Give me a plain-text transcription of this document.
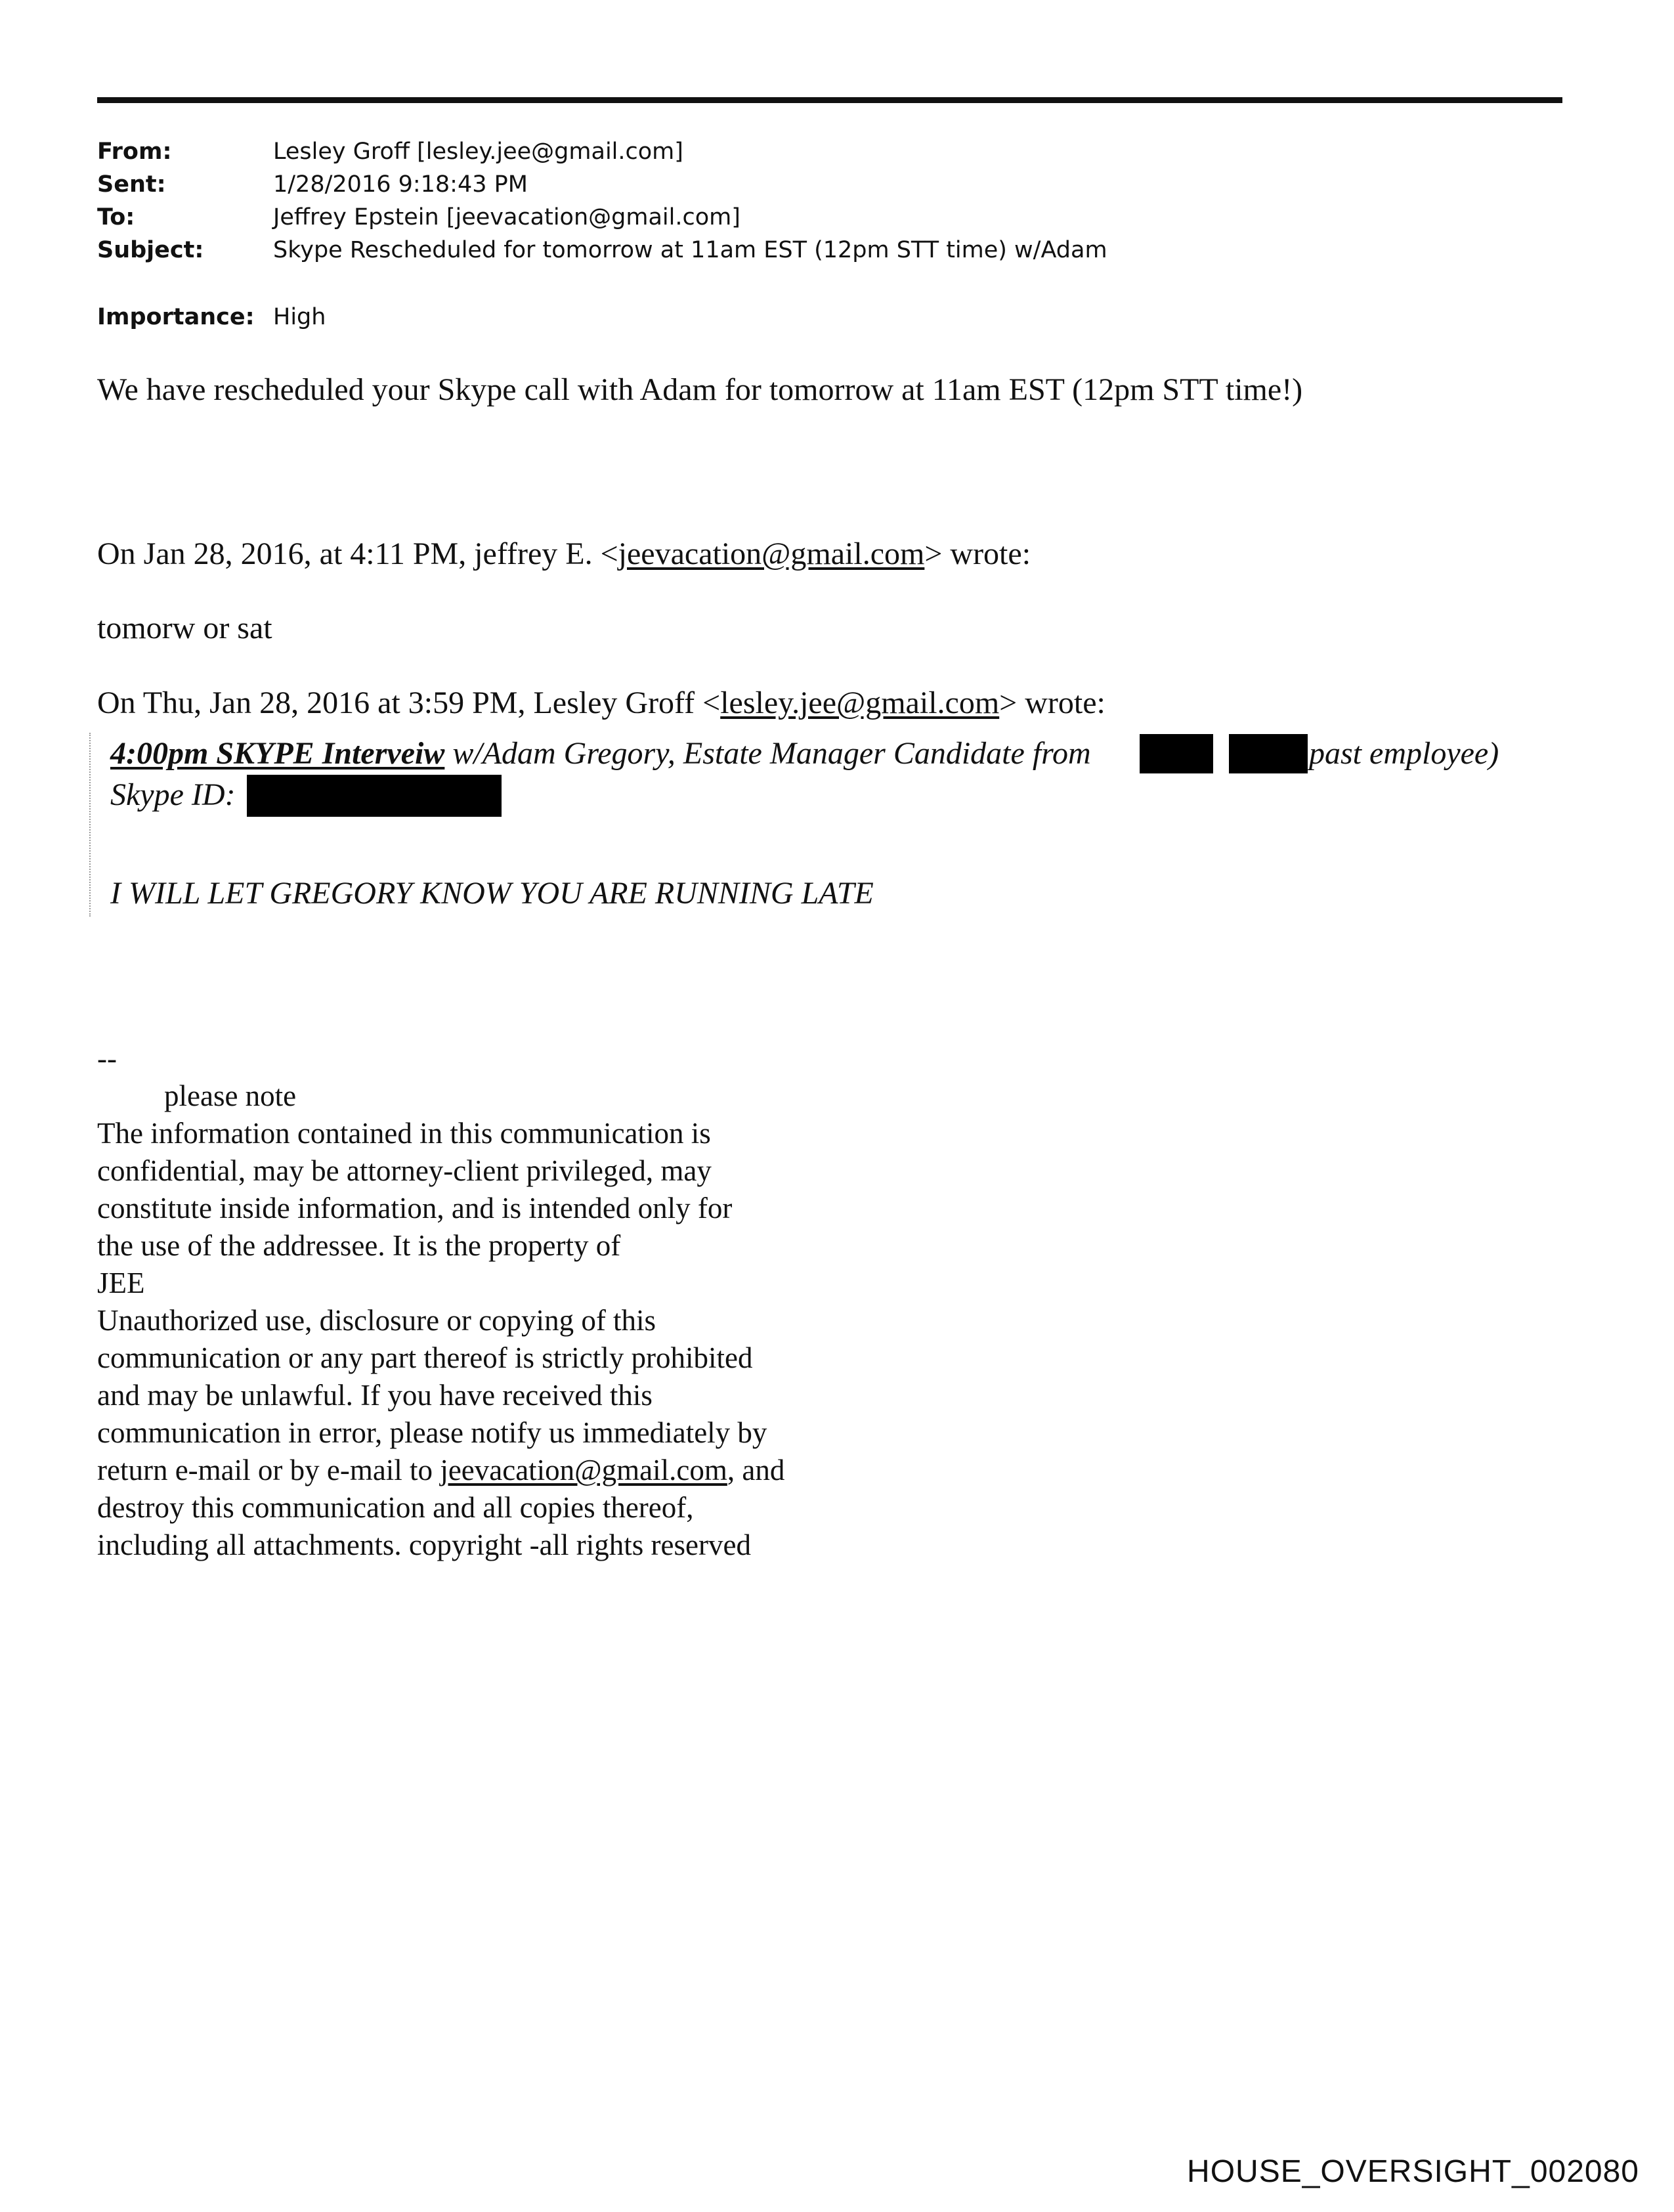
From:	Lesley Groff [lesley.jee@gmail.com]
Sent:	1/28/2016 9:18:43 PM
To:	Jeffrey Epstein [jeevacation@gmail.com]
Subject:	Skype Rescheduled for tomorrow at 11am EST (12pm STT time) w/Adam
Importance: High
We have rescheduled your Skype call with Adam for tomorrow at 11am EST (12pm STT time!)
On Jan 28, 2016, at 4:11 PM, jeffrey E. <jeevacation@gmail.com> wrote:
tomorw or sat
On Thu, Jan 28, 2016 at 3:59 PM, Lesley Groff <lesley.jee@gmail.com> wrote:
4:00pm SKYPE Interveiw w/Adam Gregory, Estate Manager Candidate from	past employee)
Skype ID:
I WILL LET GREGORY KNOW YOU ARE RUNNING LATE
--
please note
The information contained in this communication is
confidential, may be attorney-client privileged, may
constitute inside information, and is intended only for
the use of the addressee. It is the property of
JEE
Unauthorized use, disclosure or copying of this
communication or any part thereof is strictly prohibited
and may be unlawful. If you have received this
communication in error, please notify us immediately by
return e-mail or by e-mail to jeevacation@gmail.com, and
destroy this communication and all copies thereof,
including all attachments. copyright -all rights reserved
HOUSE_OVERSIGHT_002080
